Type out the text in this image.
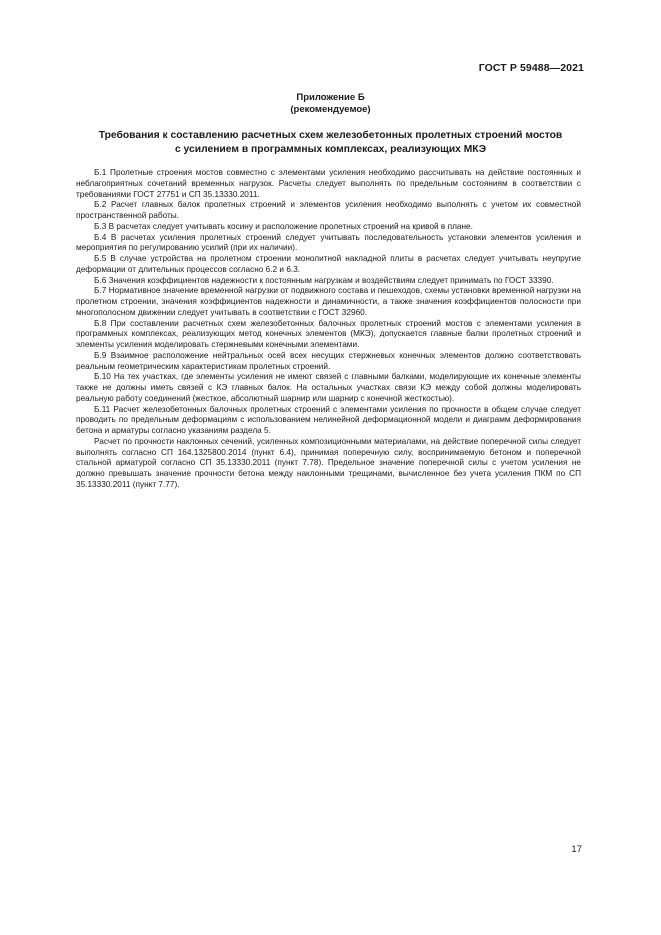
ГОСТ Р 59488—2021
Приложение Б
(рекомендуемое)
Требования к составлению расчетных схем железобетонных пролетных строений мостов
с усилением в программных комплексах, реализующих МКЭ

Б.1 Пролетные строения мостов совместно с элементами усиления необходимо рассчитывать на действие постоянных и неблагоприятных сочетаний временных нагрузок. Расчеты следует выполнять по предельным состояниям в соответствии с требованиями ГОСТ 27751 и СП 35.13330.2011.

Б.2 Расчет главных балок пролетных строений и элементов усиления необходимо выполнять с учетом их совместной пространственной работы.

Б.3 В расчетах следует учитывать косину и расположение пролетных строений на кривой в плане.

Б.4 В расчетах усиления пролетных строений следует учитывать последовательность установки элементов усиления и мероприятия по регулированию усилий (при их наличии).

Б.5 В случае устройства на пролетном строении монолитной накладной плиты в расчетах следует учитывать неупругие деформации от длительных процессов согласно 6.2 и 6.3.

Б.6 Значения коэффициентов надежности к постоянным нагрузкам и воздействиям следует принимать по ГОСТ 33390.

Б.7 Нормативное значение временной нагрузки от подвижного состава и пешеходов, схемы установки временной нагрузки на пролетном строении, значения коэффициентов надежности и динамичности, а также значения коэффициентов полосности при многополосном движении следует учитывать в соответствии с ГОСТ 32960.

Б.8 При составлении расчетных схем железобетонных балочных пролетных строений мостов с элементами усиления в программных комплексах, реализующих метод конечных элементов (МКЭ), допускается главные балки пролетных строений и элементы усиления моделировать стержневыми конечными элементами.

Б.9 Взаимное расположение нейтральных осей всех несущих стержневых конечных элементов должно соответствовать реальным геометрическим характеристикам пролетных строений.

Б.10 На тех участках, где элементы усиления не имеют связей с главными балками, моделирующие их конечные элементы также не должны иметь связей с КЭ главных балок. На остальных участках связи КЭ между собой должны моделировать реальную работу соединений (жесткое, абсолютный шарнир или шарнир с конечной жесткостью).

Б.11 Расчет железобетонных балочных пролетных строений с элементами усиления по прочности в общем случае следует проводить по предельным деформациям с использованием нелинейной деформационной модели и диаграмм деформирования бетона и арматуры согласно указаниям раздела 5.

Расчет по прочности наклонных сечений, усиленных композиционными материалами, на действие поперечной силы следует выполнять согласно СП 164.1325800.2014 (пункт 6.4), принимая поперечную силу, воспринимаемую бетоном и поперечной стальной арматурой согласно СП 35.13330.2011 (пункт 7.78). Предельное значение поперечной силы с учетом усиления не должно превышать значение прочности бетона между наклонными трещинами, вычисленное без учета усиления ПКМ по СП 35.13330.2011 (пункт 7.77).

17
